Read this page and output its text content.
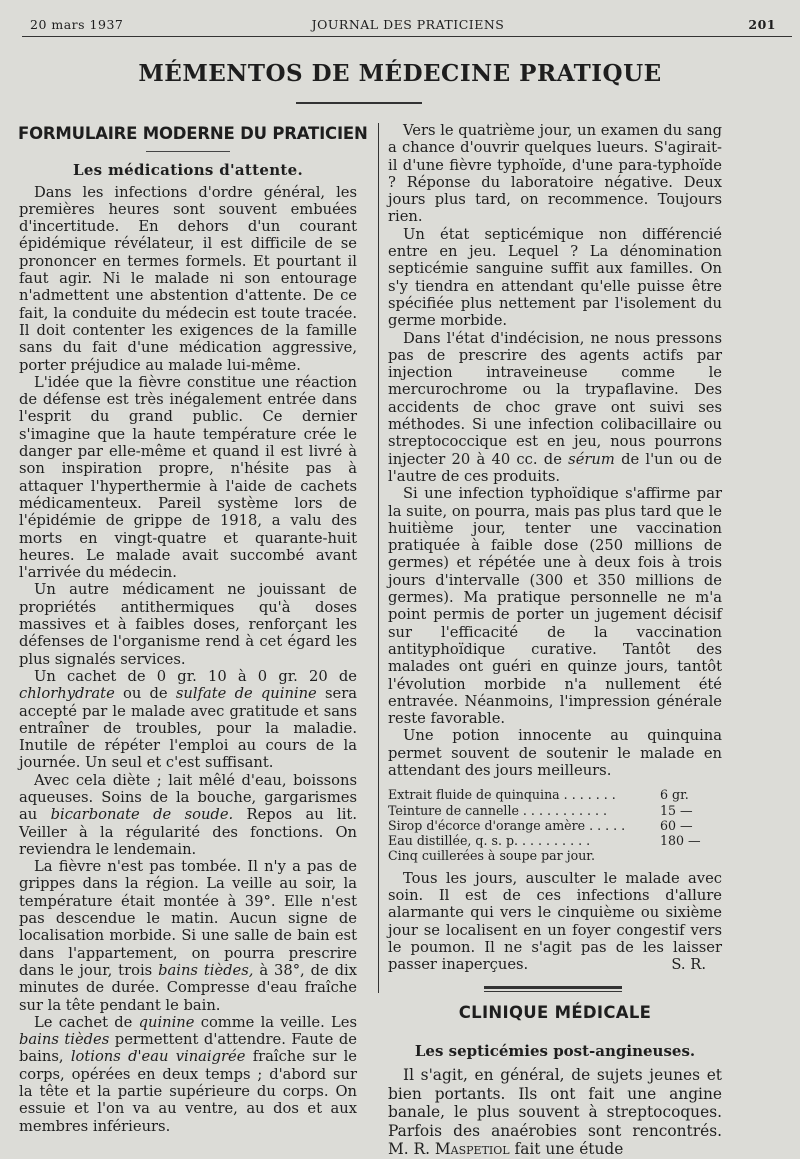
20 mars 1937	JOURNAL DES PRATICIENS	201
MÉMENTOS DE MÉDECINE PRATIQUE
FORMULAIRE MODERNE DU PRATICIEN
Les médications d'attente.

Dans les infections d'ordre général, les premières heures sont souvent embuées d'incertitude. En dehors d'un courant épidémique révélateur, il est difficile de se prononcer en termes formels. Et pourtant il faut agir. Ni le malade ni son entourage n'admettent une abstention d'attente. De ce fait, la conduite du médecin est toute tracée. Il doit contenter les exigences de la famille sans du fait d'une médication aggressive, porter préjudice au malade lui-même.

L'idée que la fièvre constitue une réaction de défense est très inégalement entrée dans l'esprit du grand public. Ce dernier s'imagine que la haute température crée le danger par elle-même et quand il est livré à son inspiration propre, n'hésite pas à attaquer l'hyperthermie à l'aide de cachets médicamenteux. Pareil système lors de l'épidémie de grippe de 1918, a valu des morts en vingt-quatre et quarante-huit heures. Le malade avait succombé avant l'arrivée du médecin.

Un autre médicament ne jouissant de propriétés antithermiques qu'à doses massives et à faibles doses, renforçant les défenses de l'organisme rend à cet égard les plus signalés services.

Un cachet de 0 gr. 10 à 0 gr. 20 de chlorhydrate ou de sulfate de quinine sera accepté par le malade avec gratitude et sans entraîner de troubles, pour la maladie. Inutile de répéter l'emploi au cours de la journée. Un seul et c'est suffisant.

Avec cela diète ; lait mêlé d'eau, boissons aqueuses. Soins de la bouche, gargarismes au bicarbonate de soude. Repos au lit. Veiller à la régularité des fonctions. On reviendra le lendemain.

La fièvre n'est pas tombée. Il n'y a pas de grippes dans la région. La veille au soir, la température était montée à 39°. Elle n'est pas descendue le matin. Aucun signe de localisation morbide. Si une salle de bain est dans l'appartement, on pourra prescrire dans le jour, trois bains tièdes, à 38°, de dix minutes de durée. Compresse d'eau fraîche sur la tête pendant le bain.

Le cachet de quinine comme la veille. Les bains tièdes permettent d'attendre. Faute de bains, lotions d'eau vinaigrée fraîche sur le corps, opérées en deux temps ; d'abord sur la tête et la partie supérieure du corps. On essuie et l'on va au ventre, au dos et aux membres inférieurs.

Vers le quatrième jour, un examen du sang a chance d'ouvrir quelques lueurs. S'agirait-il d'une fièvre typhoïde, d'une para-typhoïde ? Réponse du laboratoire négative. Deux jours plus tard, on recommence. Toujours rien.

Un état septicémique non différencié entre en jeu. Lequel ? La dénomination septicémie sanguine suffit aux familles. On s'y tiendra en attendant qu'elle puisse être spécifiée plus nettement par l'isolement du germe morbide.

Dans l'état d'indécision, ne nous pressons pas de prescrire des agents actifs par injection intraveineuse comme le mercurochrome ou la trypaflavine. Des accidents de choc grave ont suivi ses méthodes. Si une infection colibacillaire ou streptococcique est en jeu, nous pourrons injecter 20 à 40 cc. de sérum de l'un ou de l'autre de ces produits.

Si une infection typhoïdique s'affirme par la suite, on pourra, mais pas plus tard que le huitième jour, tenter une vaccination pratiquée à faible dose (250 millions de germes) et répétée une à deux fois à trois jours d'intervalle (300 et 350 millions de germes). Ma pratique personnelle ne m'a point permis de porter un jugement décisif sur l'efficacité de la vaccination antityphoïdique curative. Tantôt des malades ont guéri en quinze jours, tantôt l'évolution morbide n'a nullement été entravée. Néanmoins, l'impression générale reste favorable.

Une potion innocente au quinquina permet souvent de soutenir le malade en attendant des jours meilleurs.

Extrait fluide de quinquina . . . . . . .	6 gr.
Teinture de cannelle . . . . . . . . . . .	15 —
Sirop d'écorce d'orange amère . . . . .	60 —
Eau distillée, q. s. p. . . . . . . . . .	180 —
Cinq cuillerées à soupe par jour.

Tous les jours, ausculter le malade avec soin. Il est de ces infections d'allure alarmante qui vers le cinquième ou sixième jour se localisent en un foyer congestif vers le poumon. Il ne s'agit pas de les laisser passer inaperçues.	S. R.

CLINIQUE MÉDICALE
Les septicémies post-angineuses.

Il s'agit, en général, de sujets jeunes et bien portants. Ils ont fait une angine banale, le plus souvent à streptocoques. Parfois des anaérobies sont rencontrés. M. R. Maspetiol fait une étude
